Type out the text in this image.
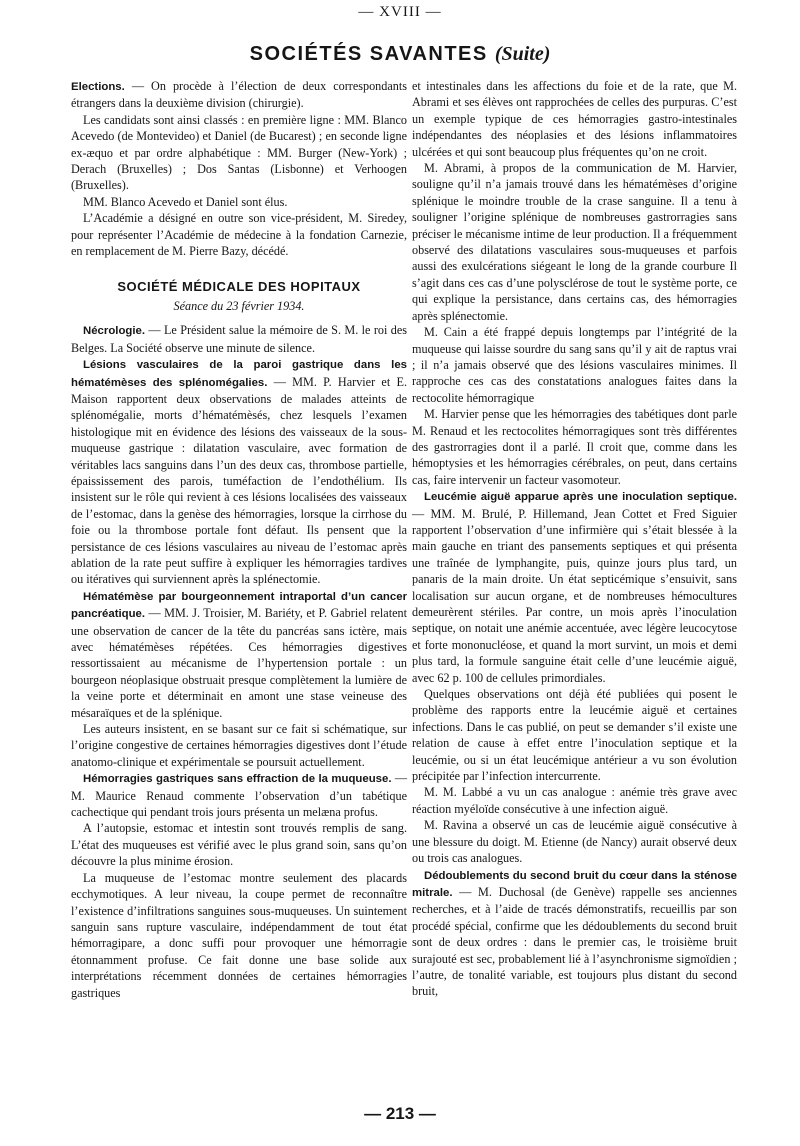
— XVIII —
SOCIÉTÉS SAVANTES (Suite)

Elections. — On procède à l’élection de deux correspondants étrangers dans la deuxième division (chirurgie).

Les candidats sont ainsi classés : en première ligne : MM. Blanco Acevedo (de Montevideo) et Daniel (de Bucarest) ; en seconde ligne ex-æquo et par ordre alphabétique : MM. Burger (New-York) ; Derach (Bruxelles) ; Dos Santas (Lisbonne) et Verhoogen (Bruxelles).

MM. Blanco Acevedo et Daniel sont élus.

L’Académie a désigné en outre son vice-président, M. Siredey, pour représenter l’Académie de médecine à la fondation Carnezie, en remplacement de M. Pierre Bazy, décédé.

SOCIÉTÉ MÉDICALE DES HOPITAUX
Séance du 23 février 1934.

Nécrologie. — Le Président salue la mémoire de S. M. le roi des Belges. La Société observe une minute de silence.

Lésions vasculaires de la paroi gastrique dans les hématémèses des splénomégalies. — MM. P. Harvier et E. Maison rapportent deux observations de malades atteints de splénomégalie, morts d’hématémèsés, chez lesquels l’examen histologique mit en évidence des lésions des vaisseaux de la sous-muqueuse gastrique : dilatation vasculaire, avec formation de véritables lacs sanguins dans l’un des deux cas, thrombose partielle, épaississement des parois, tuméfaction de l’endothélium. Ils insistent sur le rôle qui revient à ces lésions localisées des vaisseaux de l’estomac, dans la genèse des hémorragies, lorsque la cirrhose du foie ou la thrombose portale font défaut. Ils pensent que la persistance de ces lésions vasculaires au niveau de l’estomac après ablation de la rate peut suffire à expliquer les hémorragies tardives ou itératives qui surviennent après la splénectomie.

Hématémèse par bourgeonnement intraportal d’un cancer pancréatique. — MM. J. Troisier, M. Bariéty, et P. Gabriel relatent une observation de cancer de la tête du pancréas sans ictère, mais avec hématémèses répétées. Ces hémorragies digestives ressortissaient au mécanisme de l’hypertension portale : un bourgeon néoplasique obstruait presque complètement la lumière de la veine porte et déterminait en amont une stase veineuse des mésaraïques et de la splénique.

Les auteurs insistent, en se basant sur ce fait si schématique, sur l’origine congestive de certaines hémorragies digestives dont l’étude anatomo-clinique et expérimentale se poursuit actuellement.

Hémorragies gastriques sans effraction de la muqueuse. — M. Maurice Renaud commente l’observation d’un tabétique cachectique qui pendant trois jours présenta un melæna profus.

A l’autopsie, estomac et intestin sont trouvés remplis de sang. L’état des muqueuses est vérifié avec le plus grand soin, sans qu’on découvre la plus minime érosion.

La muqueuse de l’estomac montre seulement des placards ecchymotiques. A leur niveau, la coupe permet de reconnaître l’existence d’infiltrations sanguines sous-muqueuses. Un suintement sanguin sans rupture vasculaire, indépendamment de tout état hémorragipare, a donc suffi pour provoquer une hémorragie étonnamment profuse. Ce fait donne une base solide aux interprétations récemment données de certaines hémorragies gastriques

et intestinales dans les affections du foie et de la rate, que M. Abrami et ses élèves ont rapprochées de celles des purpuras. C’est un exemple typique de ces hémorragies gastro-intestinales indépendantes des néoplasies et des lésions inflammatoires ulcérées et qui sont beaucoup plus fréquentes qu’on ne croit.

M. Abrami, à propos de la communication de M. Harvier, souligne qu’il n’a jamais trouvé dans les hématémèses d’origine splénique le moindre trouble de la crase sanguine. Il a tenu à souligner l’origine splénique de nombreuses gastrorragies sans préciser le mécanisme intime de leur production. Il a fréquemment observé des dilatations vasculaires sous-muqueuses et parfois aussi des exulcérations siégeant le long de la grande courbure Il s’agit dans ces cas d’une polysclérose de tout le système porte, ce qui explique la persistance, dans certains cas, des hémorragies après splénectomie.

M. Cain a été frappé depuis longtemps par l’intégrité de la muqueuse qui laisse sourdre du sang sans qu’il y ait de raptus vrai ; il n’a jamais observé que des lésions vasculaires minimes. Il rapproche ces cas des constatations analogues faites dans la rectocolite hémorragique

M. Harvier pense que les hémorragies des tabétiques dont parle M. Renaud et les rectocolites hémorragiques sont très différentes des gastrorragies dont il a parlé. Il croit que, comme dans les hémoptysies et les hémorragies cérébrales, on peut, dans certains cas, faire intervenir un facteur vasomoteur.

Leucémie aiguë apparue après une inoculation septique. — MM. M. Brulé, P. Hillemand, Jean Cottet et Fred Siguier rapportent l’observation d’une infirmière qui s’était blessée à la main gauche en triant des pansements septiques et qui présenta une traînée de lymphangite, puis, quinze jours plus tard, un panaris de la main droite. Un état septicémique s’ensuivit, sans localisation sur aucun organe, et de nombreuses hémocultures demeurèrent stériles. Par contre, un mois après l’inoculation septique, on notait une anémie accentuée, avec légère leucocytose et forte mononucléose, et quand la mort survint, un mois et demi plus tard, la formule sanguine était celle d’une leucémie aiguë, avec 62 p. 100 de cellules primordiales.

Quelques observations ont déjà été publiées qui posent le problème des rapports entre la leucémie aiguë et certaines infections. Dans le cas publié, on peut se demander s’il existe une relation de cause à effet entre l’inoculation septique et la leucémie, ou si un état leucémique antérieur a vu son évolution précipitée par l’infection intercurrente.

M. M. Labbé a vu un cas analogue : anémie très grave avec réaction myéloïde consécutive à une infection aiguë.

M. Ravina a observé un cas de leucémie aiguë consécutive à une blessure du doigt. M. Etienne (de Nancy) aurait observé deux ou trois cas analogues.

Dédoublements du second bruit du cœur dans la sténose mitrale. — M. Duchosal (de Genève) rappelle ses anciennes recherches, et à l’aide de tracés démonstratifs, recueillis par son procédé spécial, confirme que les dédoublements du second bruit sont de deux ordres : dans le premier cas, le troisième bruit surajouté est sec, probablement lié à l’asynchronisme sigmoïdien ; l’autre, de tonalité variable, est toujours plus distant du second bruit,

— 213 —
